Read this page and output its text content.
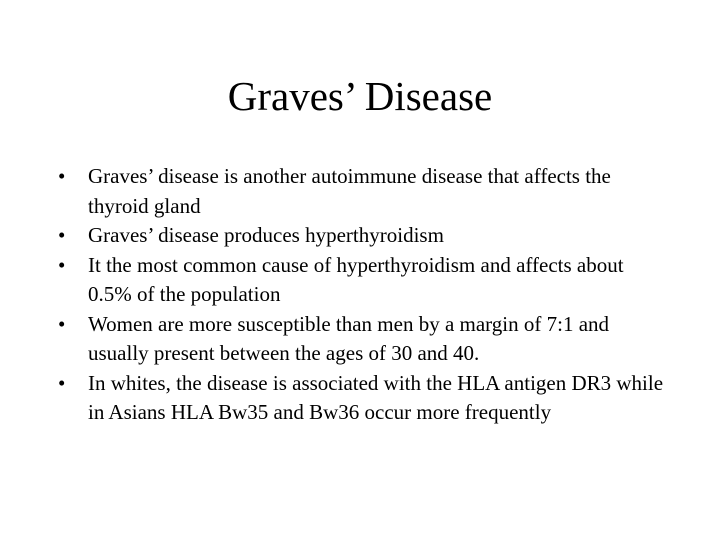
Graves’ Disease
•	Graves’ disease is another autoimmune disease that affects the thyroid gland
•	Graves’ disease produces hyperthyroidism
•	It the most common cause of hyperthyroidism and affects about 0.5% of the population
•	Women are more susceptible than men by a margin of 7:1 and usually present between the ages of 30 and 40.
•	In whites, the disease is associated with the HLA antigen DR3 while in Asians HLA Bw35 and Bw36 occur more frequently
